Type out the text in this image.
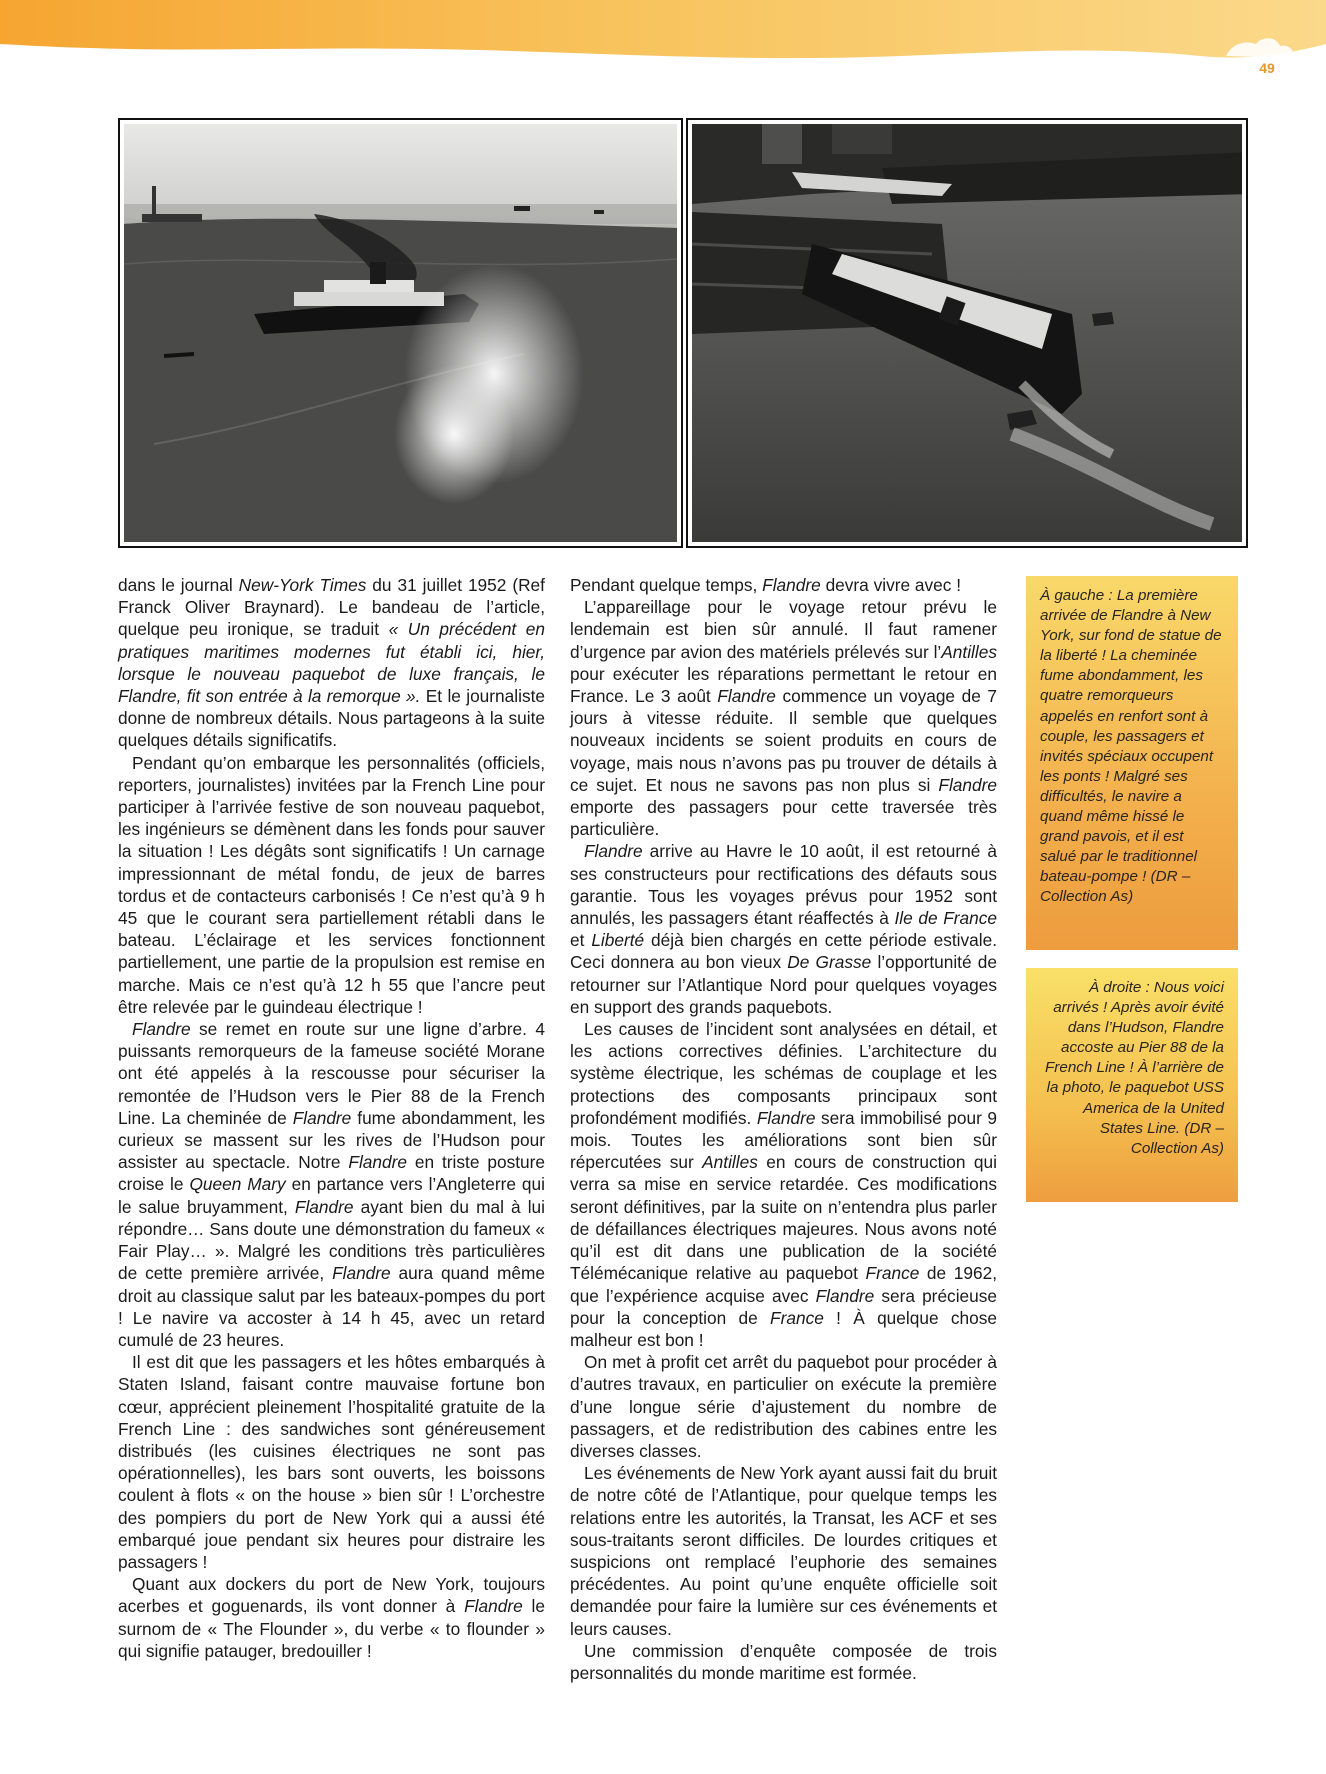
49

dans le journal New-York Times du 31 juillet 1952 (Ref Franck Oliver Braynard). Le bandeau de l’article, quelque peu ironique, se traduit « Un précédent en pratiques maritimes modernes fut établi ici, hier, lorsque le nouveau paquebot de luxe français, le Flandre, fit son entrée à la remorque ». Et le journaliste donne de nombreux détails. Nous partageons à la suite quelques détails significatifs.

Pendant qu’on embarque les personnalités (officiels, reporters, journalistes) invitées par la French Line pour participer à l’arrivée festive de son nouveau paquebot, les ingénieurs se démènent dans les fonds pour sauver la situation ! Les dégâts sont significatifs ! Un carnage impressionnant de métal fondu, de jeux de barres tordus et de contacteurs carbonisés ! Ce n’est qu’à 9 h 45 que le courant sera partiellement rétabli dans le bateau. L’éclairage et les services fonctionnent partiellement, une partie de la propulsion est remise en marche. Mais ce n’est qu’à 12 h 55 que l’ancre peut être relevée par le guindeau électrique !

Flandre se remet en route sur une ligne d’arbre. 4 puissants remorqueurs de la fameuse société Morane ont été appelés à la rescousse pour sécuriser la remontée de l’Hudson vers le Pier 88 de la French Line. La cheminée de Flandre fume abondamment, les curieux se massent sur les rives de l’Hudson pour assister au spectacle. Notre Flandre en triste posture croise le Queen Mary en partance vers l’Angleterre qui le salue bruyamment, Flandre ayant bien du mal à lui répondre… Sans doute une démonstration du fameux « Fair Play… ». Malgré les conditions très particulières de cette première arrivée, Flandre aura quand même droit au classique salut par les bateaux-pompes du port ! Le navire va accoster à 14 h 45, avec un retard cumulé de 23 heures.

Il est dit que les passagers et les hôtes embarqués à Staten Island, faisant contre mauvaise fortune bon cœur, apprécient pleinement l’hospitalité gratuite de la French Line : des sandwiches sont généreusement distribués (les cuisines électriques ne sont pas opérationnelles), les bars sont ouverts, les boissons coulent à flots « on the house » bien sûr ! L’orchestre des pompiers du port de New York qui a aussi été embarqué joue pendant six heures pour distraire les passagers !

Quant aux dockers du port de New York, toujours acerbes et goguenards, ils vont donner à Flandre le surnom de « The Flounder », du verbe « to flounder » qui signifie patauger, bredouiller !

Pendant quelque temps, Flandre devra vivre avec !

L’appareillage pour le voyage retour prévu le lendemain est bien sûr annulé. Il faut ramener d’urgence par avion des matériels prélevés sur l’Antilles pour exécuter les réparations permettant le retour en France. Le 3 août Flandre commence un voyage de 7 jours à vitesse réduite. Il semble que quelques nouveaux incidents se soient produits en cours de voyage, mais nous n’avons pas pu trouver de détails à ce sujet. Et nous ne savons pas non plus si Flandre emporte des passagers pour cette traversée très particulière.

Flandre arrive au Havre le 10 août, il est retourné à ses constructeurs pour rectifications des défauts sous garantie. Tous les voyages prévus pour 1952 sont annulés, les passagers étant réaffectés à Ile de France et Liberté déjà bien chargés en cette période estivale. Ceci donnera au bon vieux De Grasse l’opportunité de retourner sur l’Atlantique Nord pour quelques voyages en support des grands paquebots.

Les causes de l’incident sont analysées en détail, et les actions correctives définies. L’architecture du système électrique, les schémas de couplage et les protections des composants principaux sont profondément modifiés. Flandre sera immobilisé pour 9 mois. Toutes les améliorations sont bien sûr répercutées sur Antilles en cours de construction qui verra sa mise en service retardée. Ces modifications seront définitives, par la suite on n’entendra plus parler de défaillances électriques majeures. Nous avons noté qu’il est dit dans une publication de la société Télémécanique relative au paquebot France de 1962, que l’expérience acquise avec Flandre sera précieuse pour la conception de France ! À quelque chose malheur est bon !

On met à profit cet arrêt du paquebot pour procéder à d’autres travaux, en particulier on exécute la première d’une longue série d’ajustement du nombre de passagers, et de redistribution des cabines entre les diverses classes.

Les événements de New York ayant aussi fait du bruit de notre côté de l’Atlantique, pour quelque temps les relations entre les autorités, la Transat, les ACF et ses sous-traitants seront difficiles. De lourdes critiques et suspicions ont remplacé l’euphorie des semaines précédentes. Au point qu’une enquête officielle soit demandée pour faire la lumière sur ces événements et leurs causes.

Une commission d’enquête composée de trois personnalités du monde maritime est formée.

À gauche : La première arrivée de Flandre à New York, sur fond de statue de la liberté ! La cheminée fume abondamment, les quatre remorqueurs appelés en renfort sont à couple, les passagers et invités spéciaux occupent les ponts ! Malgré ses difficultés, le navire a quand même hissé le grand pavois, et il est salué par le traditionnel bateau-pompe ! (DR – Collection As)
À droite : Nous voici arrivés ! Après avoir évité dans l’Hudson, Flandre accoste au Pier 88 de la French Line ! À l’arrière de la photo, le paquebot USS America de la United States Line. (DR – Collection As)
